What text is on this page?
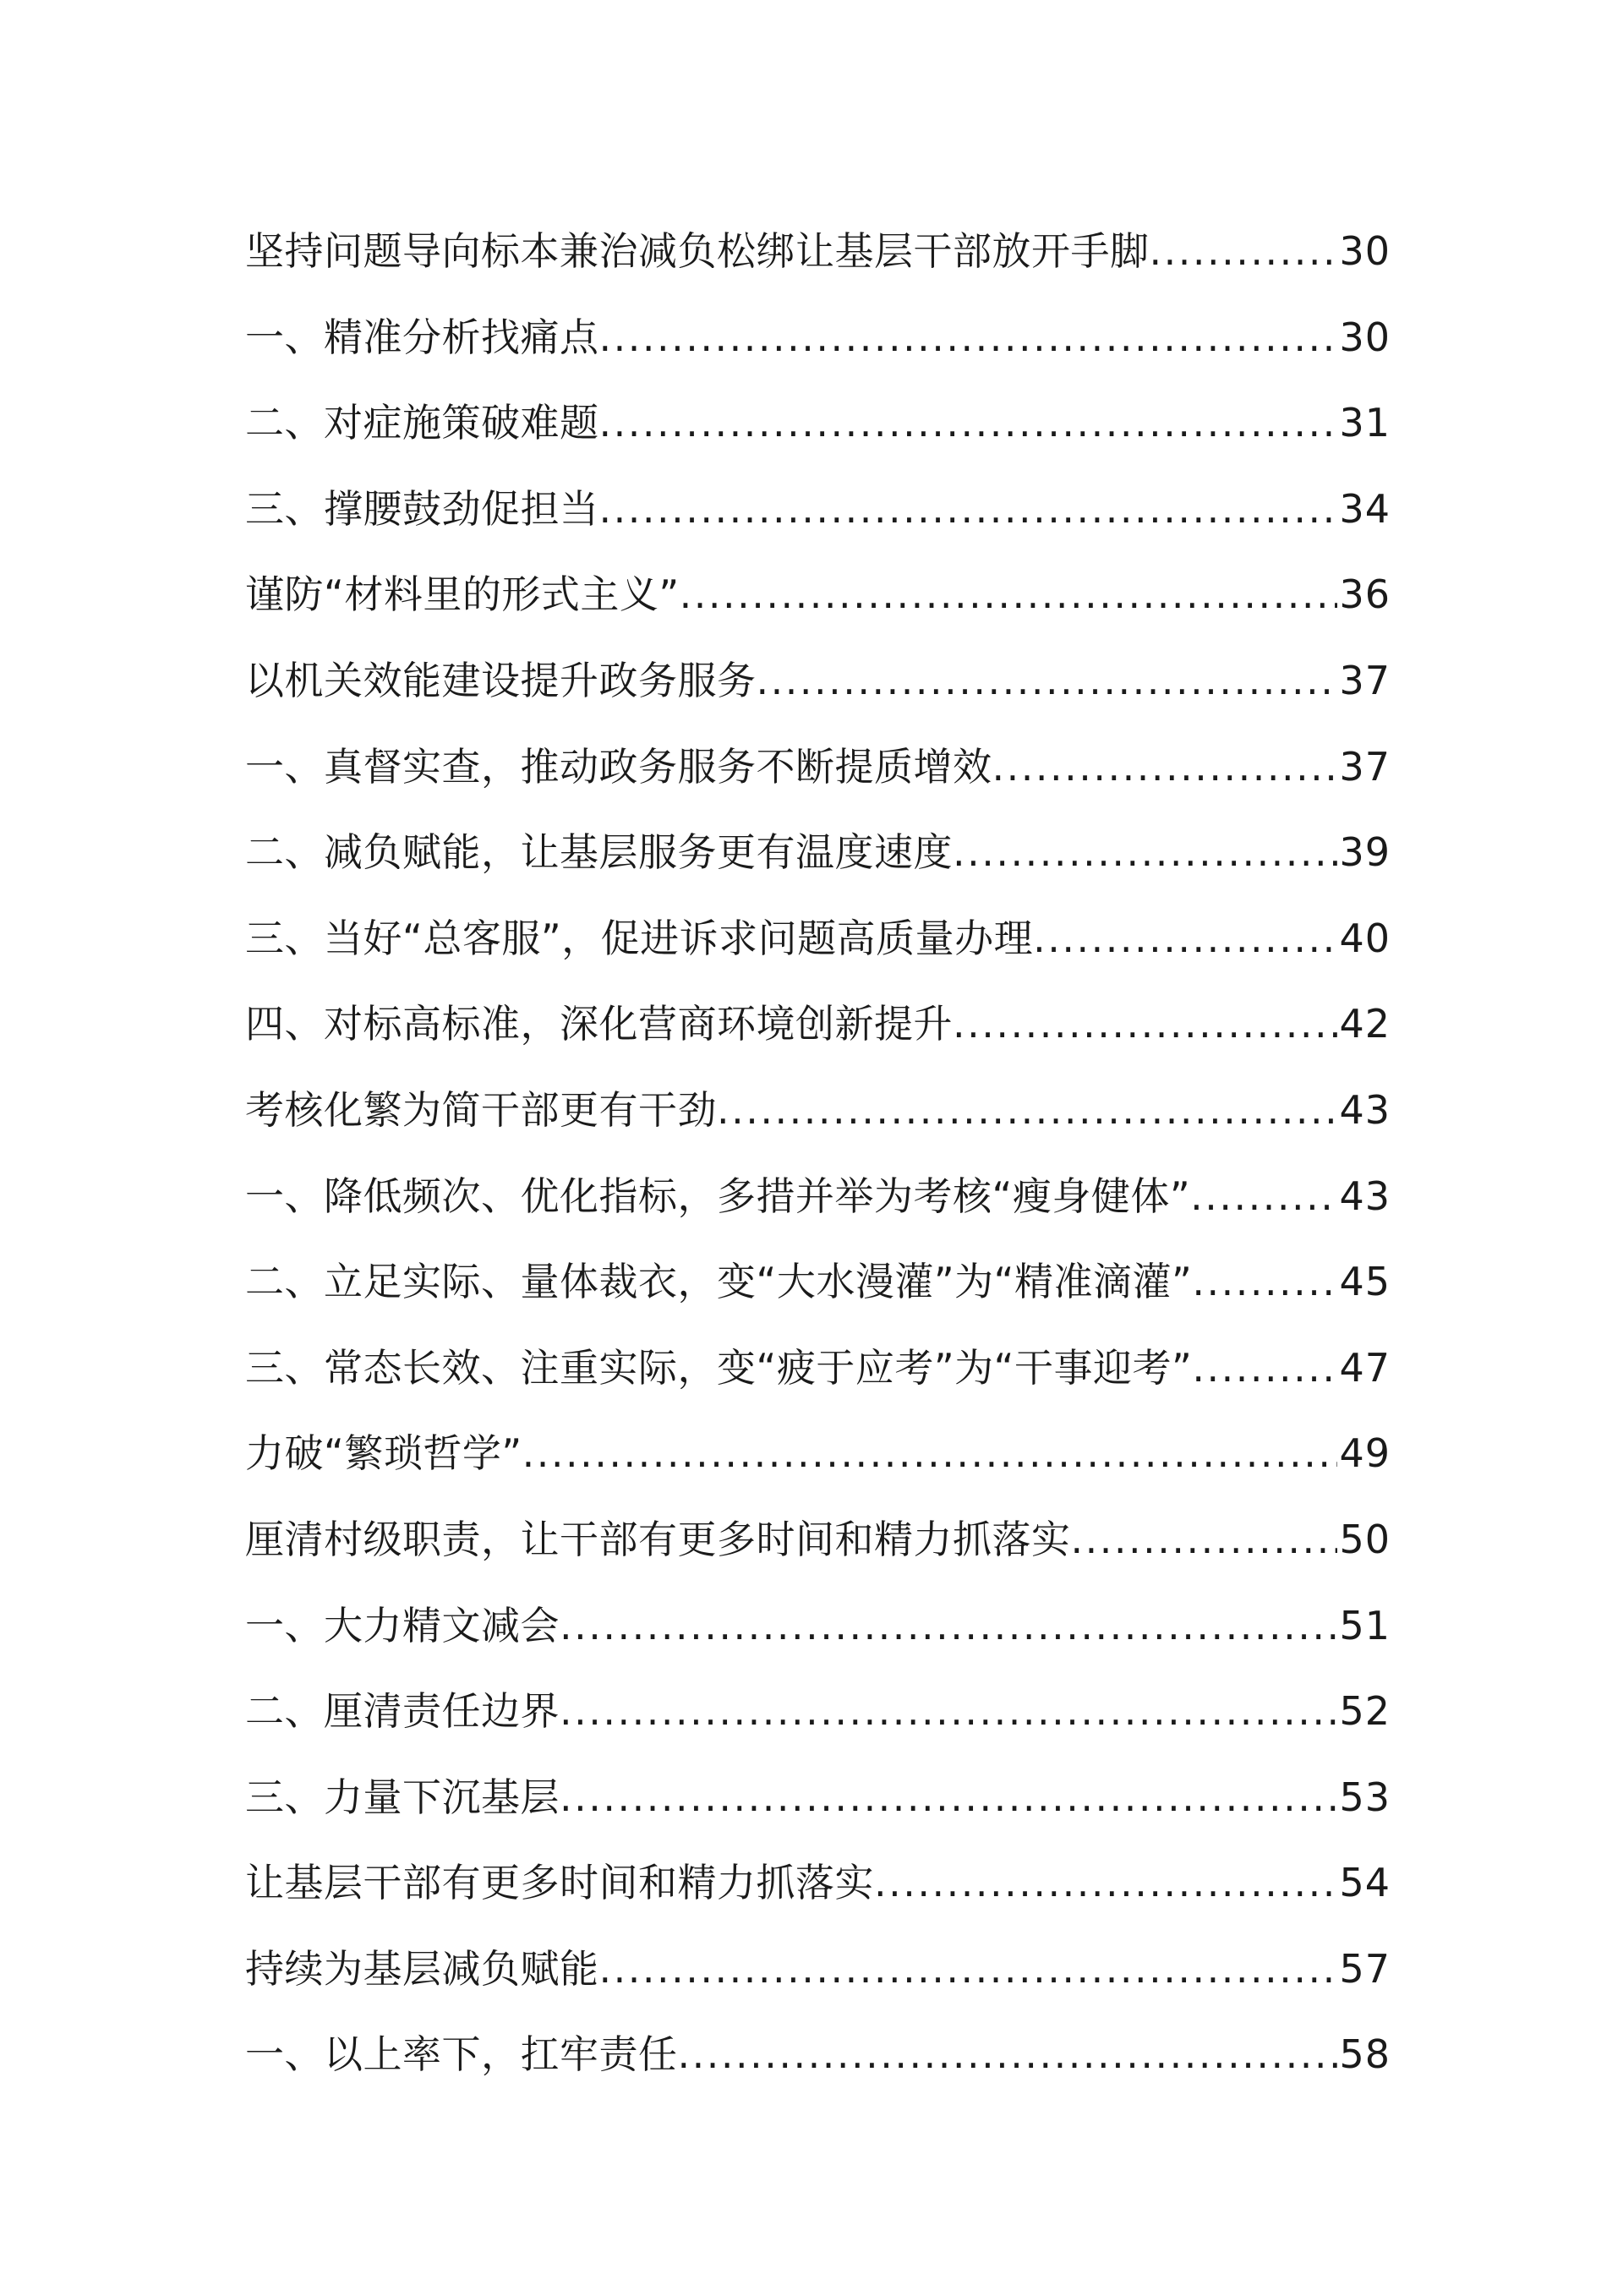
坚持问题导向标本兼治减负松绑让基层干部放开手脚 .....	30
一、精准分析找痛点 .....	30
二、对症施策破难题 .....	31
三、撑腰鼓劲促担当 .....	34
谨防“材料里的形式主义” .....	36
以机关效能建设提升政务服务 .....	37
一、真督实查，推动政务服务不断提质增效 .....	37
二、减负赋能，让基层服务更有温度速度 .....	39
三、当好“总客服”，促进诉求问题高质量办理 .....	40
四、对标高标准，深化营商环境创新提升 .....	42
考核化繁为简干部更有干劲 .....	43
一、降低频次、优化指标，多措并举为考核“瘦身健体” .....	43
二、立足实际、量体裁衣，变“大水漫灌”为“精准滴灌” .....	45
三、常态长效、注重实际，变“疲于应考”为“干事迎考” .....	47
力破“繁琐哲学” .....	49
厘清村级职责，让干部有更多时间和精力抓落实 .....	50
一、大力精文减会 .....	51
二、厘清责任边界 .....	52
三、力量下沉基层 .....	53
让基层干部有更多时间和精力抓落实 .....	54
持续为基层减负赋能 .....	57
一、以上率下，扛牢责任 .....	58
